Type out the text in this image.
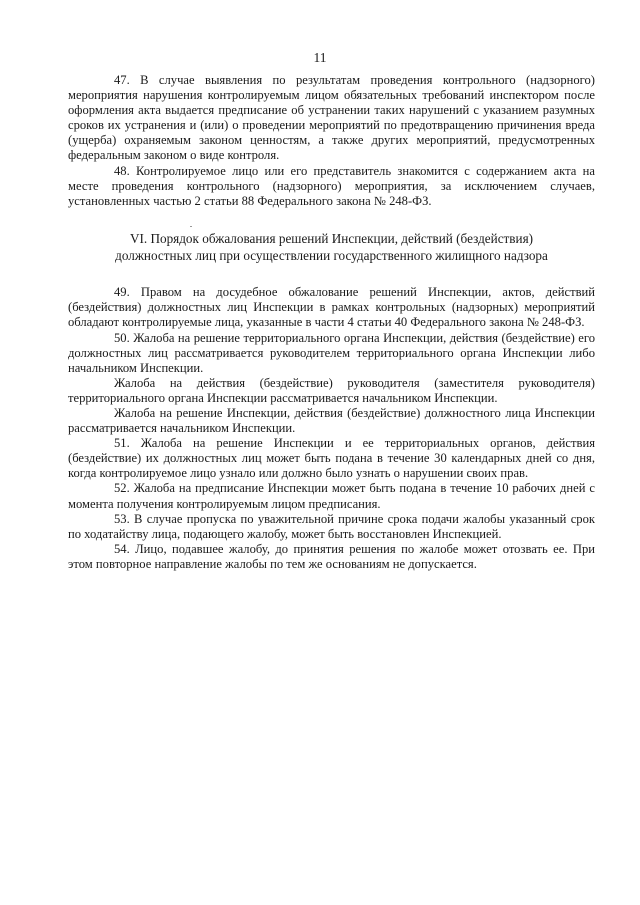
11

47. В случае выявления по результатам проведения контрольного (надзорного) мероприятия нарушения контролируемым лицом обязательных требований инспектором после оформления акта выдается предписание об устранении таких нарушений с указанием разумных сроков их устранения и (или) о проведении мероприятий по предотвращению причинения вреда (ущерба) охраняемым законом ценностям, а также других мероприятий, предусмотренных федеральным законом о виде контроля.

48. Контролируемое лицо или его представитель знакомится с содержанием акта на месте проведения контрольного (надзорного) мероприятия, за исключением случаев, установленных частью 2 статьи 88 Федерального закона № 248-ФЗ.

VI. Порядок обжалования решений Инспекции, действий (бездействия)
должностных лиц при осуществлении государственного жилищного надзора

49. Правом на досудебное обжалование решений Инспекции, актов, действий (бездействия) должностных лиц Инспекции в рамках контрольных (надзорных) мероприятий обладают контролируемые лица, указанные в части 4 статьи 40 Федерального закона № 248-ФЗ.

50. Жалоба на решение территориального органа Инспекции, действия (бездействие) его должностных лиц рассматривается руководителем территориального органа Инспекции либо начальником Инспекции.

Жалоба на действия (бездействие) руководителя (заместителя руководителя) территориального органа Инспекции рассматривается начальником Инспекции.

Жалоба на решение Инспекции, действия (бездействие) должностного лица Инспекции рассматривается начальником Инспекции.

51. Жалоба на решение Инспекции и ее территориальных органов, действия (бездействие) их должностных лиц может быть подана в течение 30 календарных дней со дня, когда контролируемое лицо узнало или должно было узнать о нарушении своих прав.

52. Жалоба на предписание Инспекции может быть подана в течение 10 рабочих дней с момента получения контролируемым лицом предписания.

53. В случае пропуска по уважительной причине срока подачи жалобы указанный срок по ходатайству лица, подающего жалобу, может быть восстановлен Инспекцией.

54. Лицо, подавшее жалобу, до принятия решения по жалобе может отозвать ее. При этом повторное направление жалобы по тем же основаниям не допускается.
